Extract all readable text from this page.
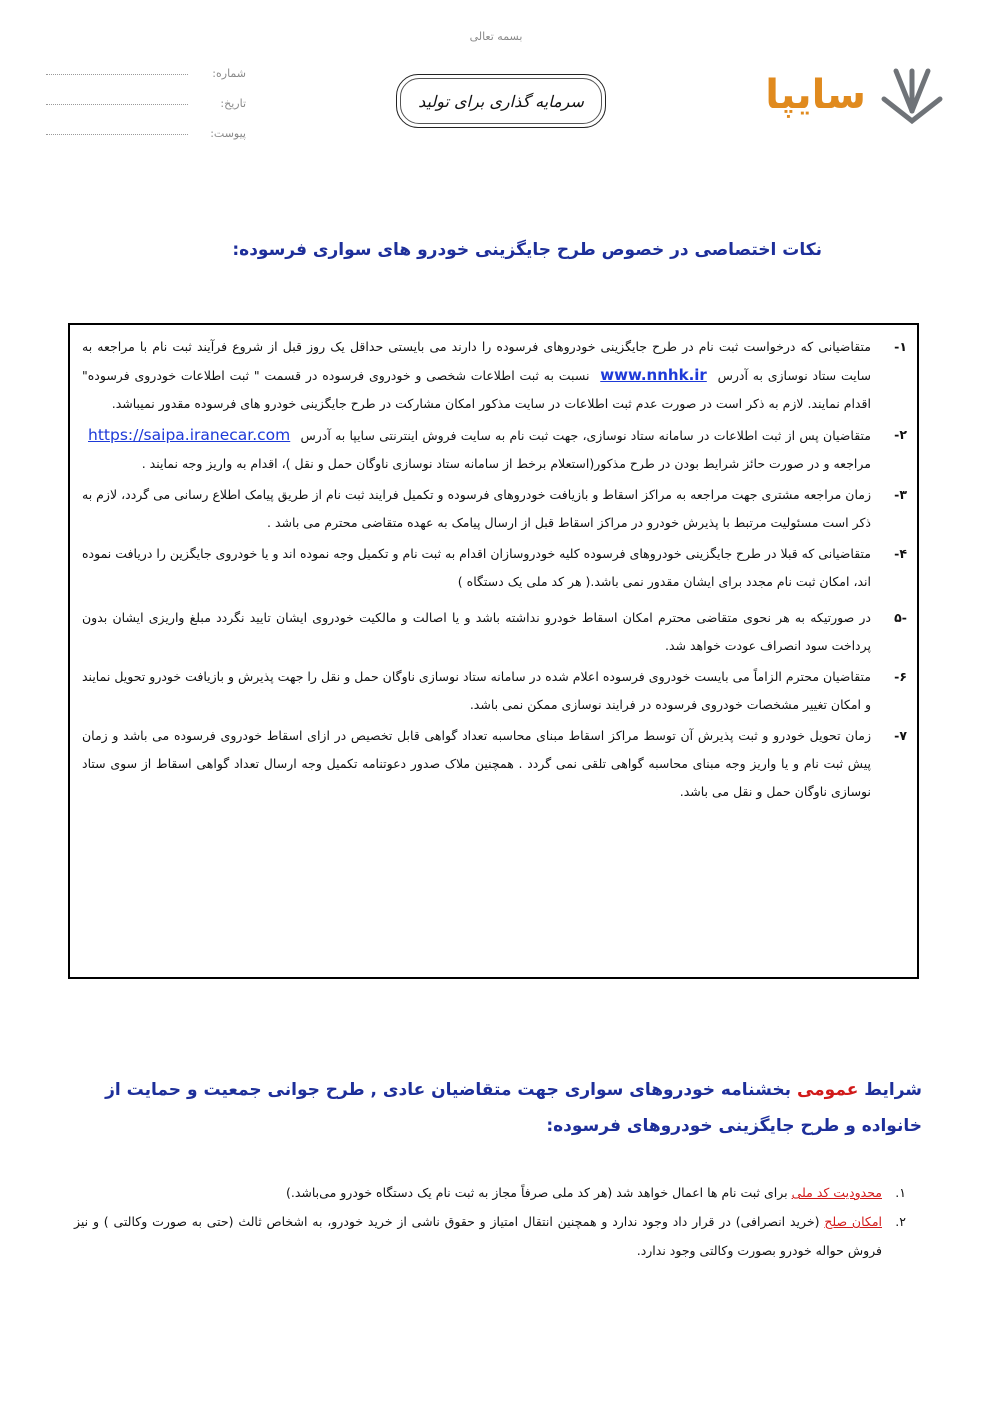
بسمه تعالی
سایپا
سرمایه گذاری برای تولید
شماره:
تاریخ:
پیوست:
نکات اختصاصی در خصوص طرح جایگزینی خودرو های سواری فرسوده:
۱-
متقاضیانی که درخواست ثبت نام در طرح جایگزینی خودروهای فرسوده را دارند می بایستی حداقل یک روز قبل از شروع فرآیند ثبت نام با مراجعه به سایت ستاد نوسازی به آدرس www.nnhk.ir نسبت به ثبت اطلاعات شخصی و خودروی فرسوده در قسمت " ثبت اطلاعات خودروی فرسوده" اقدام نمایند. لازم به ذکر است در صورت عدم ثبت اطلاعات در سایت مذکور امکان مشارکت در طرح جایگزینی خودرو های فرسوده مقدور نمیباشد.
۲-
متقاضیان پس از ثبت اطلاعات در سامانه ستاد نوسازی، جهت ثبت نام به سایت فروش اینترنتی سایپا به آدرس https://saipa.iranecar.com مراجعه و در صورت حائز شرایط بودن در طرح مذکور(استعلام برخط از سامانه ستاد نوسازی ناوگان حمل و نقل )، اقدام به واریز وجه نمایند .
۳-
زمان مراجعه مشتری جهت مراجعه به مراکز اسقاط و بازیافت خودروهای فرسوده و تکمیل فرایند ثبت نام از طریق پیامک اطلاع رسانی می گردد، لازم به ذکر است مسئولیت مرتبط با پذیرش خودرو در مراکز اسقاط قبل از ارسال پیامک به عهده متقاضی محترم می باشد .
۴-
متقاضیانی که قبلا در طرح جایگزینی خودروهای فرسوده کلیه خودروسازان اقدام به ثبت نام و تکمیل وجه نموده اند و یا خودروی جایگزین را دریافت نموده اند، امکان ثبت نام مجدد برای ایشان مقدور نمی باشد.( هر کد ملی یک دستگاه )
-۵
در صورتیکه به هر نحوی متقاضی محترم امکان اسقاط خودرو نداشته باشد و یا اصالت و مالکیت خودروی ایشان تایید نگردد مبلغ واریزی ایشان بدون پرداخت سود انصراف عودت خواهد شد.
۶-
متقاضیان محترم الزاماً می بایست خودروی فرسوده اعلام شده در سامانه ستاد نوسازی ناوگان حمل و نقل را جهت پذیرش و بازیافت خودرو تحویل نمایند و امکان تغییر مشخصات خودروی فرسوده در فرایند نوسازی ممکن نمی باشد.
۷-
زمان تحویل خودرو و ثبت پذیرش آن توسط مراکز اسقاط مبنای محاسبه تعداد گواهی قابل تخصیص در ازای اسقاط خودروی فرسوده می باشد و زمان پیش ثبت نام و یا واریز وجه مبنای محاسبه گواهی تلقی نمی گردد . همچنین ملاک صدور دعوتنامه تکمیل وجه ارسال تعداد گواهی اسقاط از سوی ستاد نوسازی ناوگان حمل و نقل می باشد.
شرایط عمومی بخشنامه خودروهای سواری جهت متقاضیان عادی , طرح جوانی جمعیت و حمایت از خانواده و طرح جایگزینی خودروهای فرسوده:
۱.
محدودیت کد ملی برای ثبت نام ها اعمال خواهد شد (هر کد ملی صرفاً مجاز به ثبت نام یک دستگاه خودرو می‌باشد.)
۲.
امکان صلح (خرید انصرافی) در قرار داد وجود ندارد و همچنین انتقال امتیاز و حقوق ناشی از خرید خودرو، به اشخاص ثالث (حتی به صورت وکالتی ) و نیز فروش حواله خودرو بصورت وکالتی وجود ندارد.
